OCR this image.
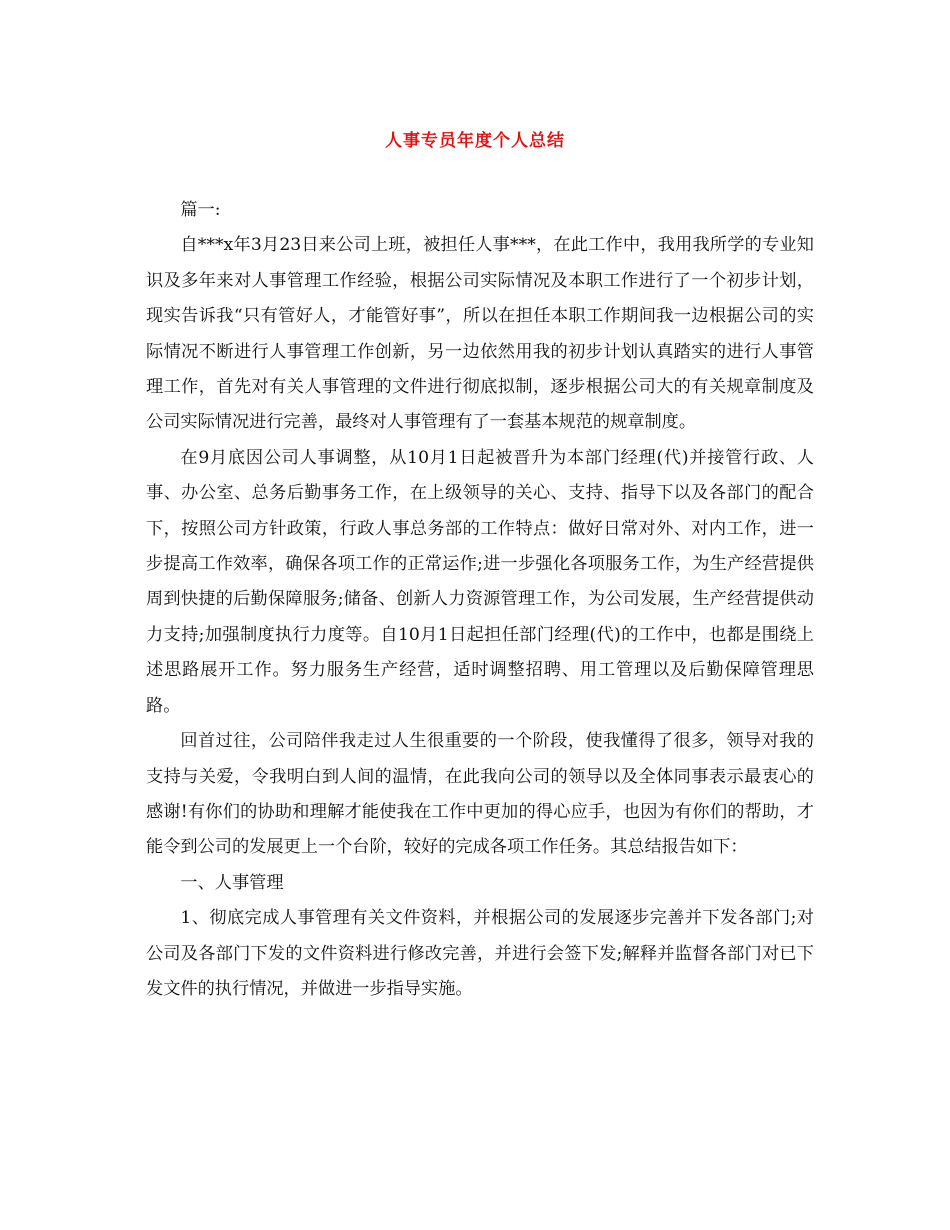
人事专员年度个人总结

篇一:

自***x年3月23日来公司上班，被担任人事***，在此工作中，我用我所学的专业知识及多年来对人事管理工作经验，根据公司实际情况及本职工作进行了一个初步计划，现实告诉我“只有管好人，才能管好事”，所以在担任本职工作期间我一边根据公司的实际情况不断进行人事管理工作创新，另一边依然用我的初步计划认真踏实的进行人事管理工作，首先对有关人事管理的文件进行彻底拟制，逐步根据公司大的有关规章制度及公司实际情况进行完善，最终对人事管理有了一套基本规范的规章制度。

在9月底因公司人事调整，从10月1日起被晋升为本部门经理(代)并接管行政、人事、办公室、总务后勤事务工作，在上级领导的关心、支持、指导下以及各部门的配合下，按照公司方针政策，行政人事总务部的工作特点：做好日常对外、对内工作，进一步提高工作效率，确保各项工作的正常运作;进一步强化各项服务工作，为生产经营提供周到快捷的后勤保障服务;储备、创新人力资源管理工作，为公司发展，生产经营提供动力支持;加强制度执行力度等。自10月1日起担任部门经理(代)的工作中，也都是围绕上述思路展开工作。努力服务生产经营，适时调整招聘、用工管理以及后勤保障管理思路。

回首过往，公司陪伴我走过人生很重要的一个阶段，使我懂得了很多，领导对我的支持与关爱，令我明白到人间的温情，在此我向公司的领导以及全体同事表示最衷心的感谢!有你们的协助和理解才能使我在工作中更加的得心应手，也因为有你们的帮助，才能令到公司的发展更上一个台阶，较好的完成各项工作任务。其总结报告如下：

一、人事管理

1、彻底完成人事管理有关文件资料，并根据公司的发展逐步完善并下发各部门;对公司及各部门下发的文件资料进行修改完善，并进行会签下发;解释并监督各部门对已下发文件的执行情况，并做进一步指导实施。
